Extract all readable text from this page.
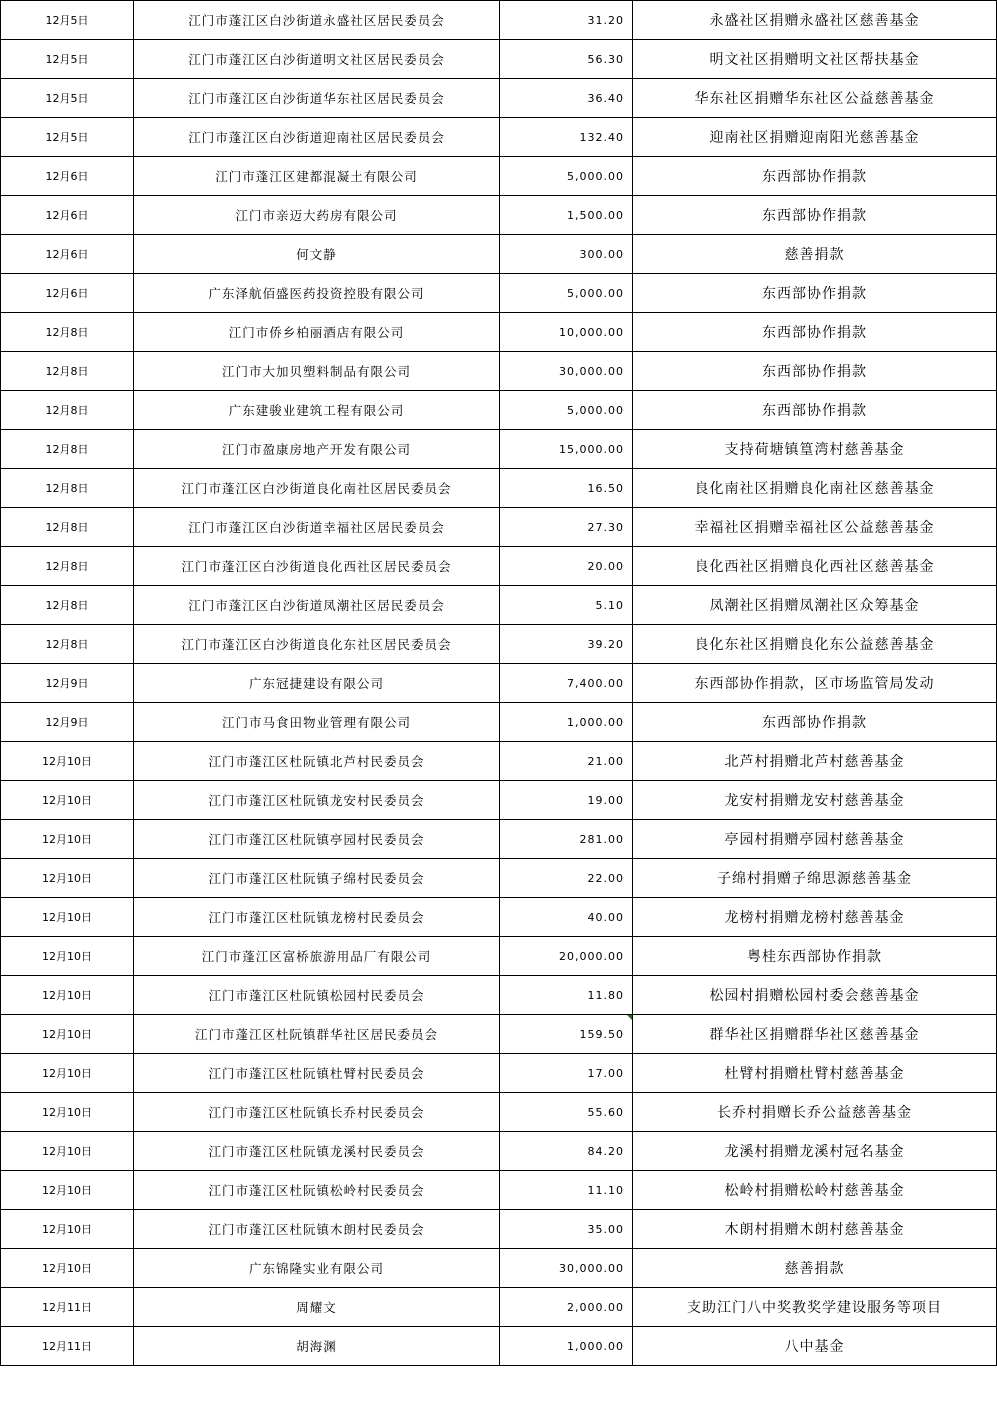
12月5日	江门市蓬江区白沙街道永盛社区居民委员会	31.20	永盛社区捐赠永盛社区慈善基金
12月5日	江门市蓬江区白沙街道明文社区居民委员会	56.30	明文社区捐赠明文社区帮扶基金
12月5日	江门市蓬江区白沙街道华东社区居民委员会	36.40	华东社区捐赠华东社区公益慈善基金
12月5日	江门市蓬江区白沙街道迎南社区居民委员会	132.40	迎南社区捐赠迎南阳光慈善基金
12月6日	江门市蓬江区建都混凝土有限公司	5,000.00	东西部协作捐款
12月6日	江门市亲迈大药房有限公司	1,500.00	东西部协作捐款
12月6日	何文静	300.00	慈善捐款
12月6日	广东泽航佰盛医药投资控股有限公司	5,000.00	东西部协作捐款
12月8日	江门市侨乡柏丽酒店有限公司	10,000.00	东西部协作捐款
12月8日	江门市大加贝塑料制品有限公司	30,000.00	东西部协作捐款
12月8日	广东建骏业建筑工程有限公司	5,000.00	东西部协作捐款
12月8日	江门市盈康房地产开发有限公司	15,000.00	支持荷塘镇篁湾村慈善基金
12月8日	江门市蓬江区白沙街道良化南社区居民委员会	16.50	良化南社区捐赠良化南社区慈善基金
12月8日	江门市蓬江区白沙街道幸福社区居民委员会	27.30	幸福社区捐赠幸福社区公益慈善基金
12月8日	江门市蓬江区白沙街道良化西社区居民委员会	20.00	良化西社区捐赠良化西社区慈善基金
12月8日	江门市蓬江区白沙街道凤潮社区居民委员会	5.10	凤潮社区捐赠凤潮社区众筹基金
12月8日	江门市蓬江区白沙街道良化东社区居民委员会	39.20	良化东社区捐赠良化东公益慈善基金
12月9日	广东冠捷建设有限公司	7,400.00	东西部协作捐款，区市场监管局发动
12月9日	江门市马食田物业管理有限公司	1,000.00	东西部协作捐款
12月10日	江门市蓬江区杜阮镇北芦村民委员会	21.00	北芦村捐赠北芦村慈善基金
12月10日	江门市蓬江区杜阮镇龙安村民委员会	19.00	龙安村捐赠龙安村慈善基金
12月10日	江门市蓬江区杜阮镇亭园村民委员会	281.00	亭园村捐赠亭园村慈善基金
12月10日	江门市蓬江区杜阮镇子绵村民委员会	22.00	子绵村捐赠子绵思源慈善基金
12月10日	江门市蓬江区杜阮镇龙榜村民委员会	40.00	龙榜村捐赠龙榜村慈善基金
12月10日	江门市蓬江区富桥旅游用品厂有限公司	20,000.00	粤桂东西部协作捐款
12月10日	江门市蓬江区杜阮镇松园村民委员会	11.80	松园村捐赠松园村委会慈善基金
12月10日	江门市蓬江区杜阮镇群华社区居民委员会	159.50	群华社区捐赠群华社区慈善基金
12月10日	江门市蓬江区杜阮镇杜臂村民委员会	17.00	杜臂村捐赠杜臂村慈善基金
12月10日	江门市蓬江区杜阮镇长乔村民委员会	55.60	长乔村捐赠长乔公益慈善基金
12月10日	江门市蓬江区杜阮镇龙溪村民委员会	84.20	龙溪村捐赠龙溪村冠名基金
12月10日	江门市蓬江区杜阮镇松岭村民委员会	11.10	松岭村捐赠松岭村慈善基金
12月10日	江门市蓬江区杜阮镇木朗村民委员会	35.00	木朗村捐赠木朗村慈善基金
12月10日	广东锦隆实业有限公司	30,000.00	慈善捐款
12月11日	周耀文	2,000.00	支助江门八中奖教奖学建设服务等项目
12月11日	胡海渊	1,000.00	八中基金
